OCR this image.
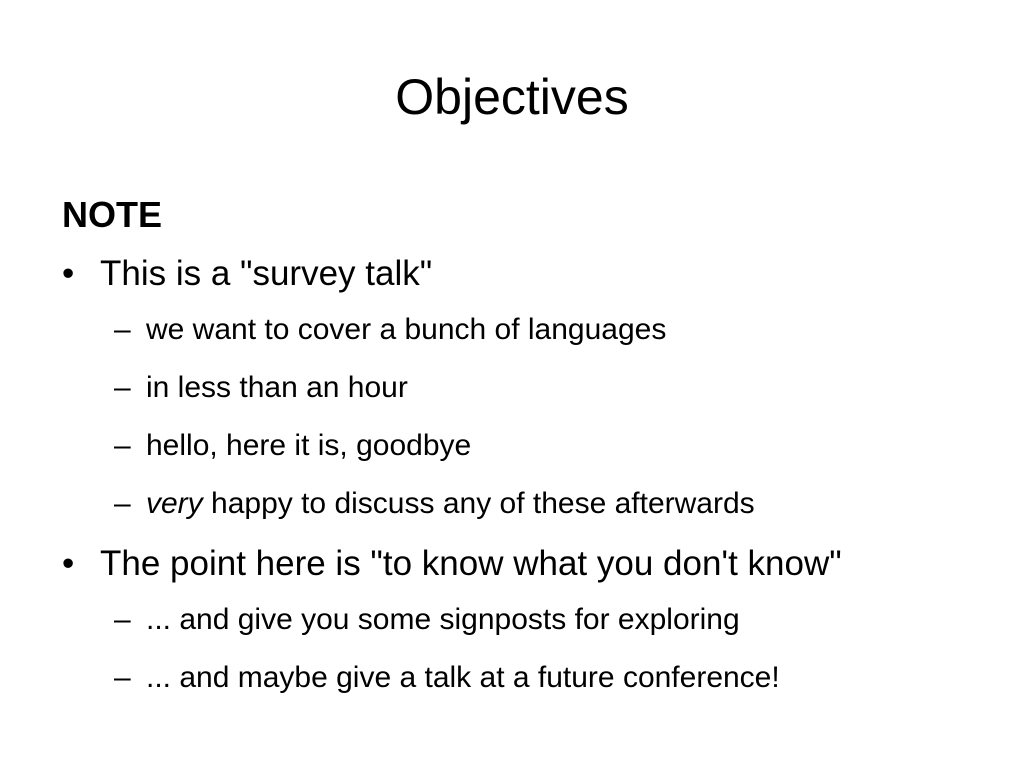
Objectives
NOTE
• This is a "survey talk"
– we want to cover a bunch of languages
– in less than an hour
– hello, here it is, goodbye
– very happy to discuss any of these afterwards
• The point here is "to know what you don't know"
– ... and give you some signposts for exploring
– ... and maybe give a talk at a future conference!
